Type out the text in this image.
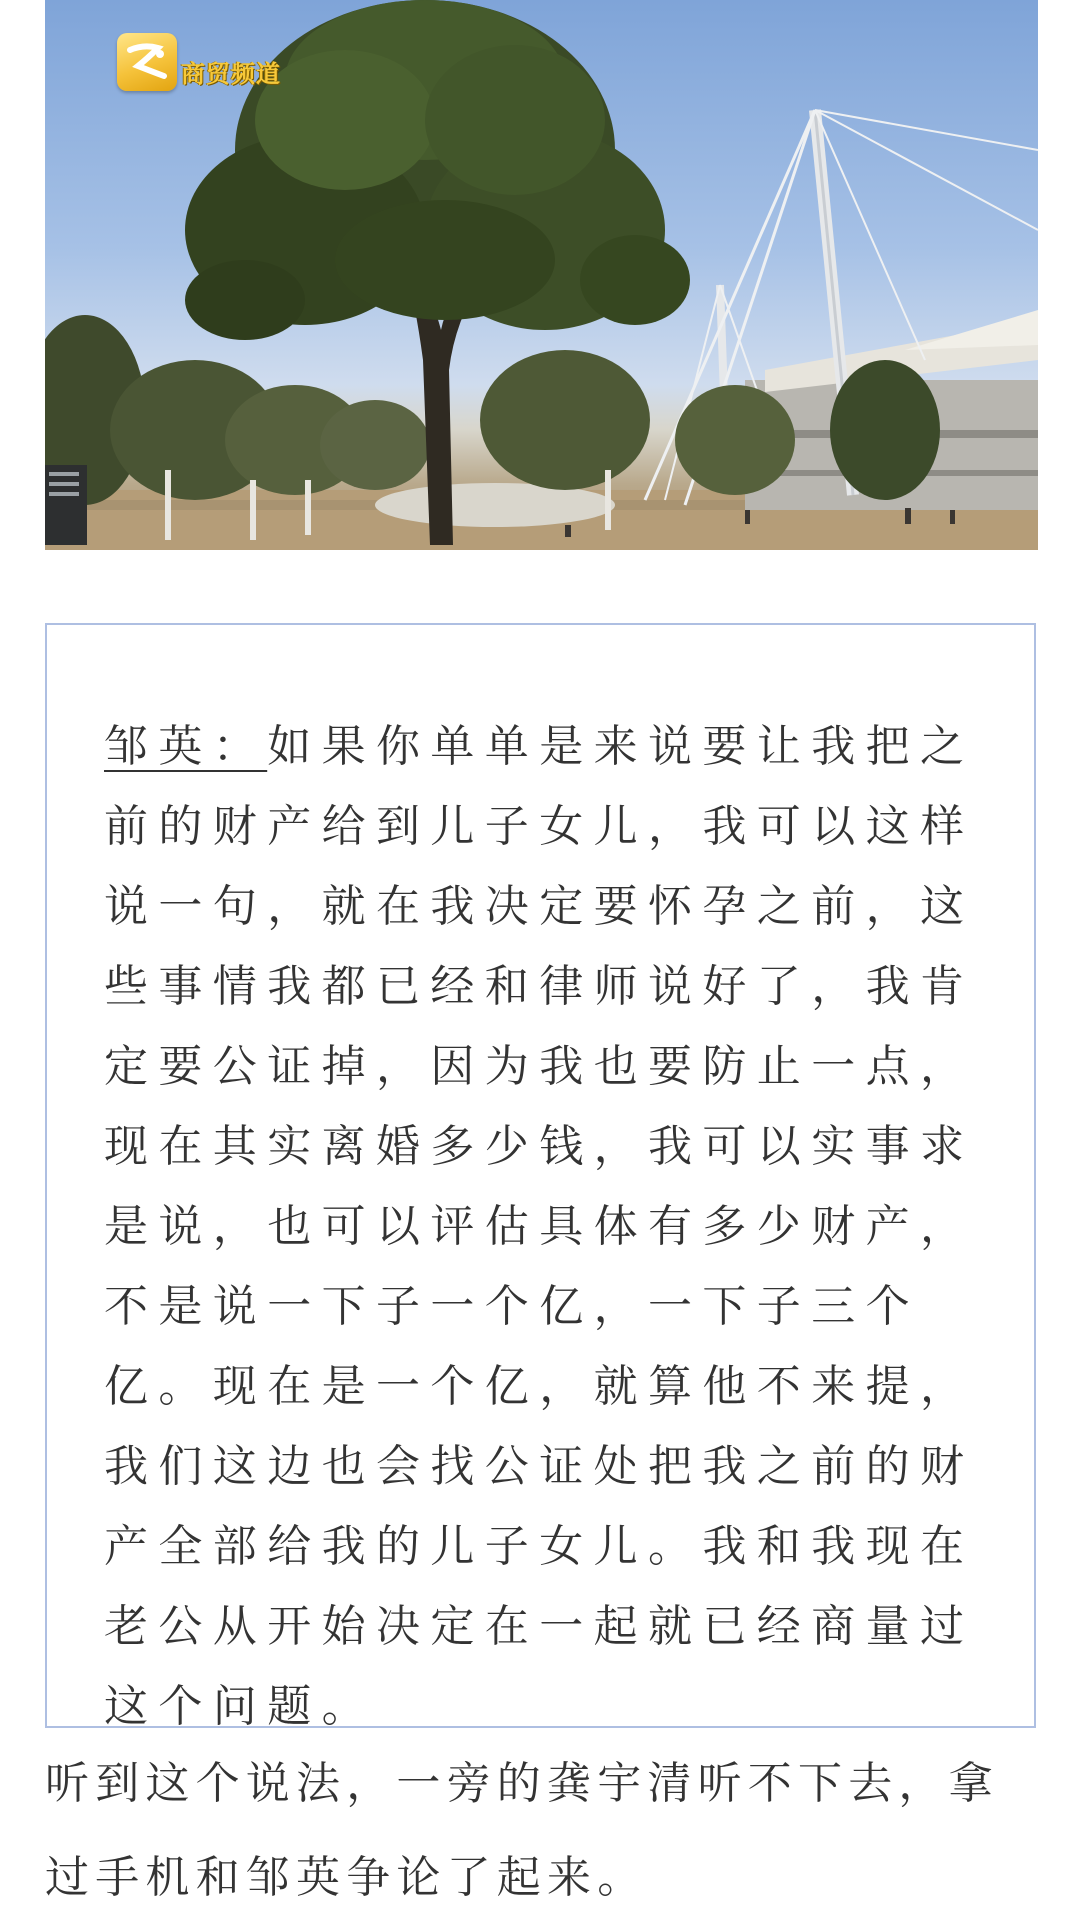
商贸频道

邹英：如果你单单是来说要让我把之前的财产给到儿子女儿，我可以这样说一句，就在我决定要怀孕之前，这些事情我都已经和律师说好了，我肯定要公证掉，因为我也要防止一点，现在其实离婚多少钱，我可以实事求是说，也可以评估具体有多少财产，不是说一下子一个亿，一下子三个亿。现在是一个亿，就算他不来提，我们这边也会找公证处把我之前的财产全部给我的儿子女儿。我和我现在老公从开始决定在一起就已经商量过这个问题。

听到这个说法，一旁的龚宇清听不下去，拿过手机和邹英争论了起来。
